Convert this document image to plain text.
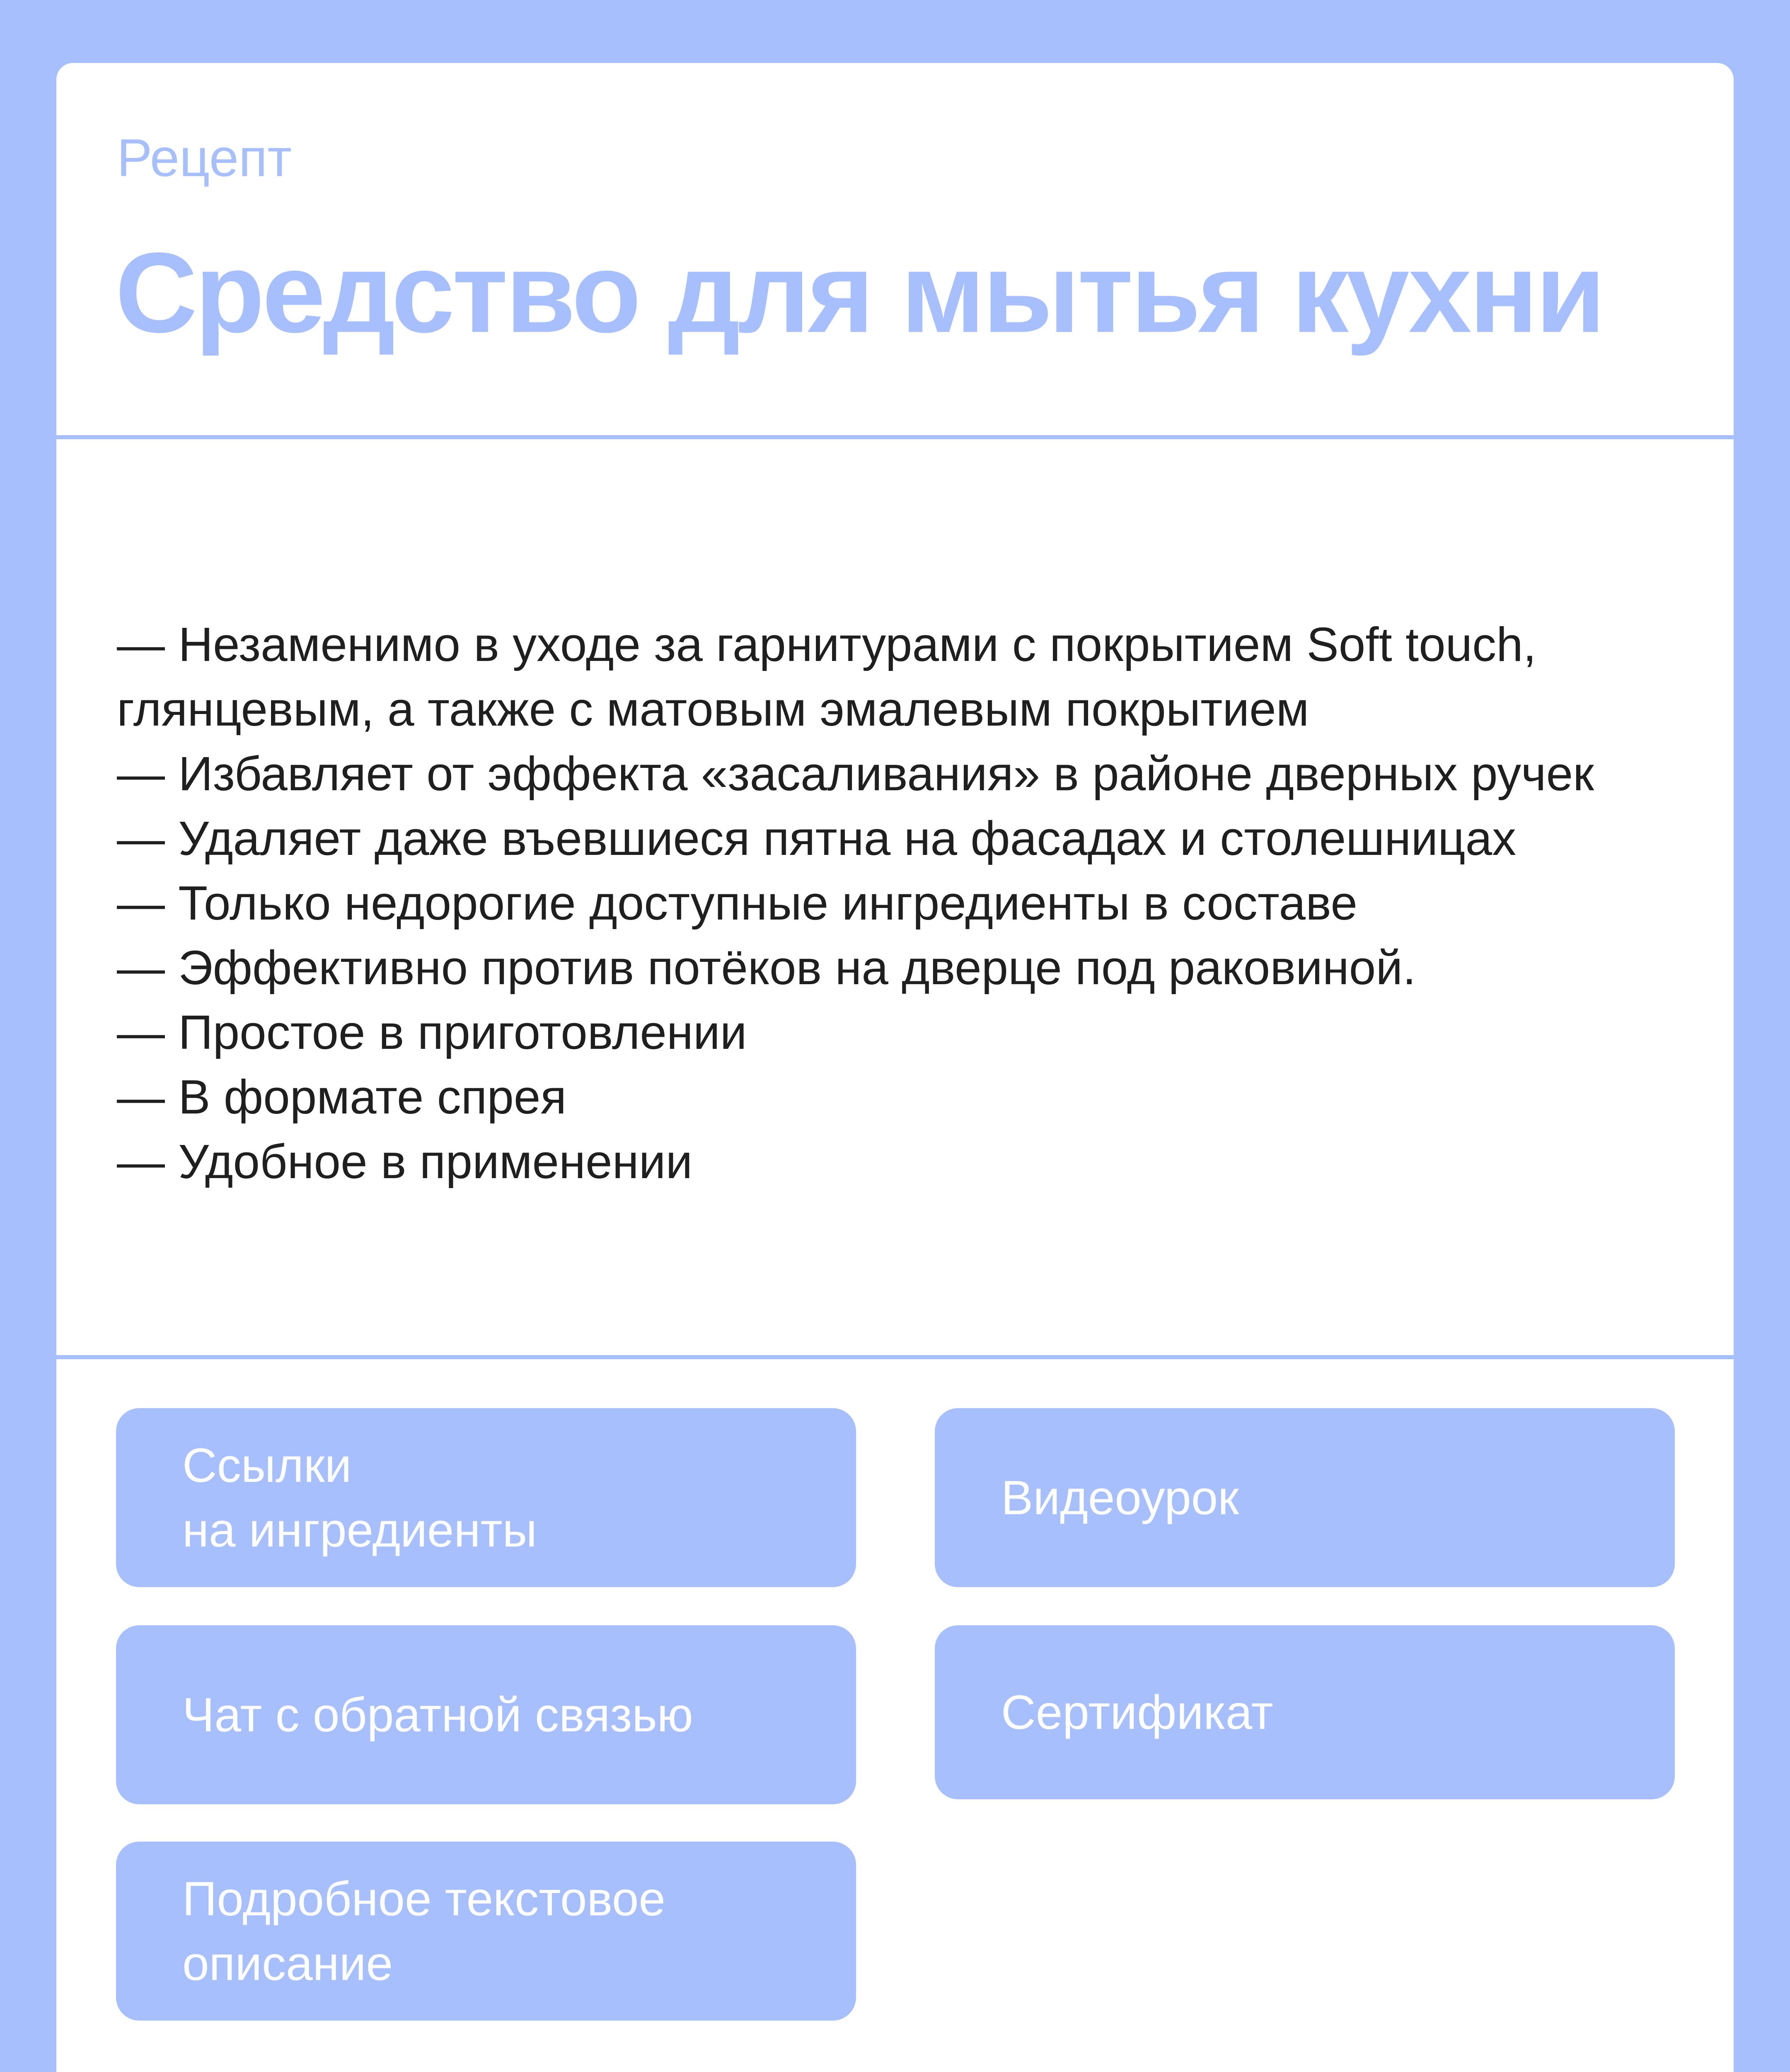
Рецепт
Средство для мытья кухни
— Незаменимо в уходе за гарнитурами с покрытием Soft touch, глянцевым, а также с матовым эмалевым покрытием
— Избавляет от эффекта «засаливания» в районе дверных ручек
— Удаляет даже въевшиеся пятна на фасадах и столешницах
— Только недорогие доступные ингредиенты в составе
— Эффективно против потёков на дверце под раковиной.
— Простое в приготовлении
— В формате спрея
— Удобное в применении
Ссылки
на ингредиенты
Видеоурок
Чат с обратной связью	Сертификат
Подробное текстовое
описание
